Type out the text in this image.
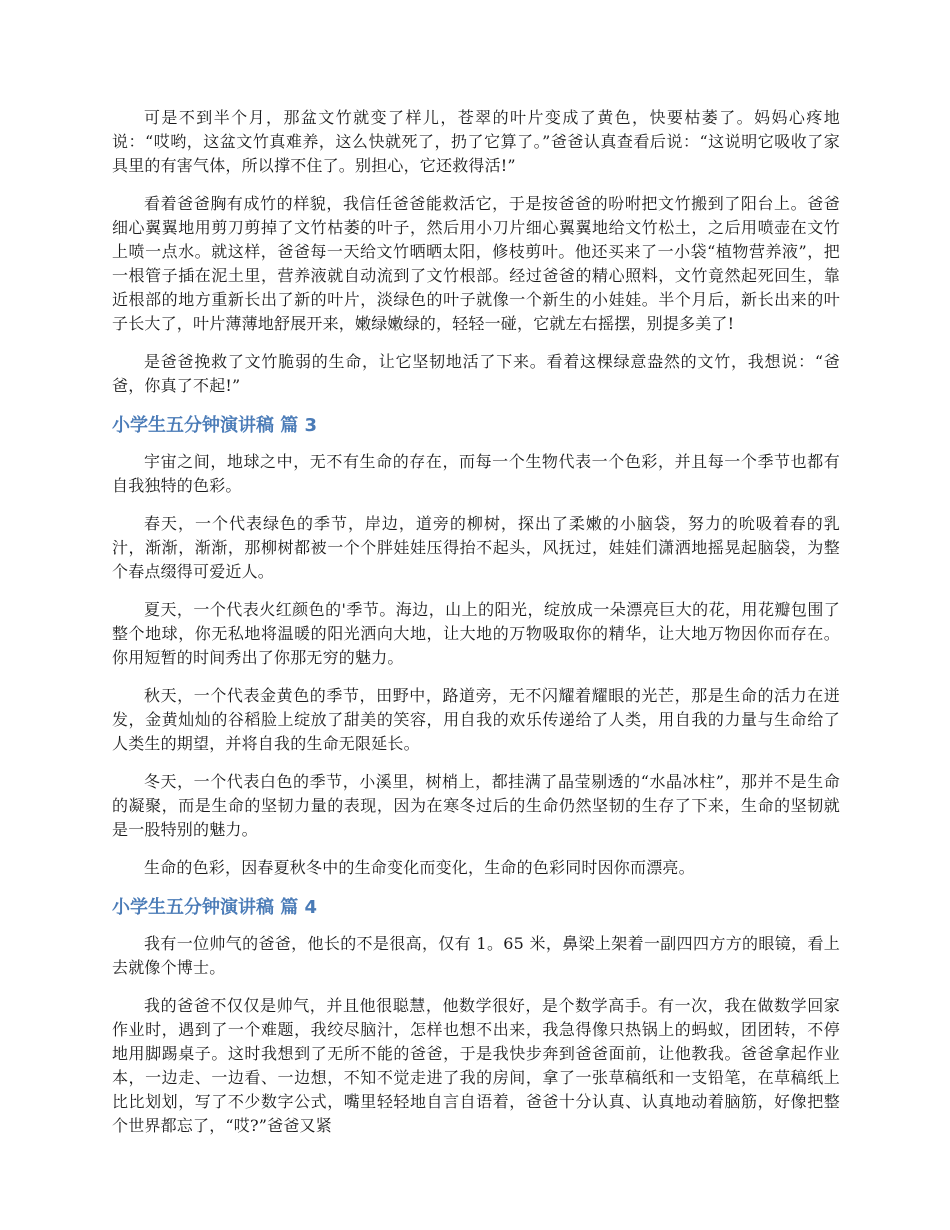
可是不到半个月，那盆文竹就变了样儿，苍翠的叶片变成了黄色，快要枯萎了。妈妈心疼地说：“哎哟，这盆文竹真难养，这么快就死了，扔了它算了。”爸爸认真查看后说：“这说明它吸收了家具里的有害气体，所以撑不住了。别担心，它还救得活!”

看着爸爸胸有成竹的样貌，我信任爸爸能救活它，于是按爸爸的吩咐把文竹搬到了阳台上。爸爸细心翼翼地用剪刀剪掉了文竹枯萎的叶子，然后用小刀片细心翼翼地给文竹松土，之后用喷壶在文竹上喷一点水。就这样，爸爸每一天给文竹晒晒太阳，修枝剪叶。他还买来了一小袋“植物营养液”，把一根管子插在泥土里，营养液就自动流到了文竹根部。经过爸爸的精心照料，文竹竟然起死回生，靠近根部的地方重新长出了新的叶片，淡绿色的叶子就像一个新生的小娃娃。半个月后，新长出来的叶子长大了，叶片薄薄地舒展开来，嫩绿嫩绿的，轻轻一碰，它就左右摇摆，别提多美了!

是爸爸挽救了文竹脆弱的生命，让它坚韧地活了下来。看着这棵绿意盎然的文竹，我想说：“爸爸，你真了不起!”

小学生五分钟演讲稿 篇 3

宇宙之间，地球之中，无不有生命的存在，而每一个生物代表一个色彩，并且每一个季节也都有自我独特的色彩。

春天，一个代表绿色的季节，岸边，道旁的柳树，探出了柔嫩的小脑袋，努力的吮吸着春的乳汁，渐渐，渐渐，那柳树都被一个个胖娃娃压得抬不起头，风抚过，娃娃们潇洒地摇晃起脑袋，为整个春点缀得可爱近人。

夏天，一个代表火红颜色的'季节。海边，山上的阳光，绽放成一朵漂亮巨大的花，用花瓣包围了整个地球，你无私地将温暖的阳光洒向大地，让大地的万物吸取你的精华，让大地万物因你而存在。你用短暂的时间秀出了你那无穷的魅力。

秋天，一个代表金黄色的季节，田野中，路道旁，无不闪耀着耀眼的光芒，那是生命的活力在迸发，金黄灿灿的谷稻脸上绽放了甜美的笑容，用自我的欢乐传递给了人类，用自我的力量与生命给了人类生的期望，并将自我的生命无限延长。

冬天，一个代表白色的季节，小溪里，树梢上，都挂满了晶莹剔透的“水晶冰柱”，那并不是生命的凝聚，而是生命的坚韧力量的表现，因为在寒冬过后的生命仍然坚韧的生存了下来，生命的坚韧就是一股特别的魅力。

生命的色彩，因春夏秋冬中的生命变化而变化，生命的色彩同时因你而漂亮。

小学生五分钟演讲稿 篇 4

我有一位帅气的爸爸，他长的不是很高，仅有 1。65 米，鼻梁上架着一副四四方方的眼镜，看上去就像个博士。

我的爸爸不仅仅是帅气，并且他很聪慧，他数学很好，是个数学高手。有一次，我在做数学回家作业时，遇到了一个难题，我绞尽脑汁，怎样也想不出来，我急得像只热锅上的蚂蚁，团团转，不停地用脚踢桌子。这时我想到了无所不能的爸爸，于是我快步奔到爸爸面前，让他教我。爸爸拿起作业本，一边走、一边看、一边想，不知不觉走进了我的房间，拿了一张草稿纸和一支铅笔，在草稿纸上比比划划，写了不少数字公式，嘴里轻轻地自言自语着，爸爸十分认真、认真地动着脑筋，好像把整个世界都忘了，“哎?”爸爸又紧
